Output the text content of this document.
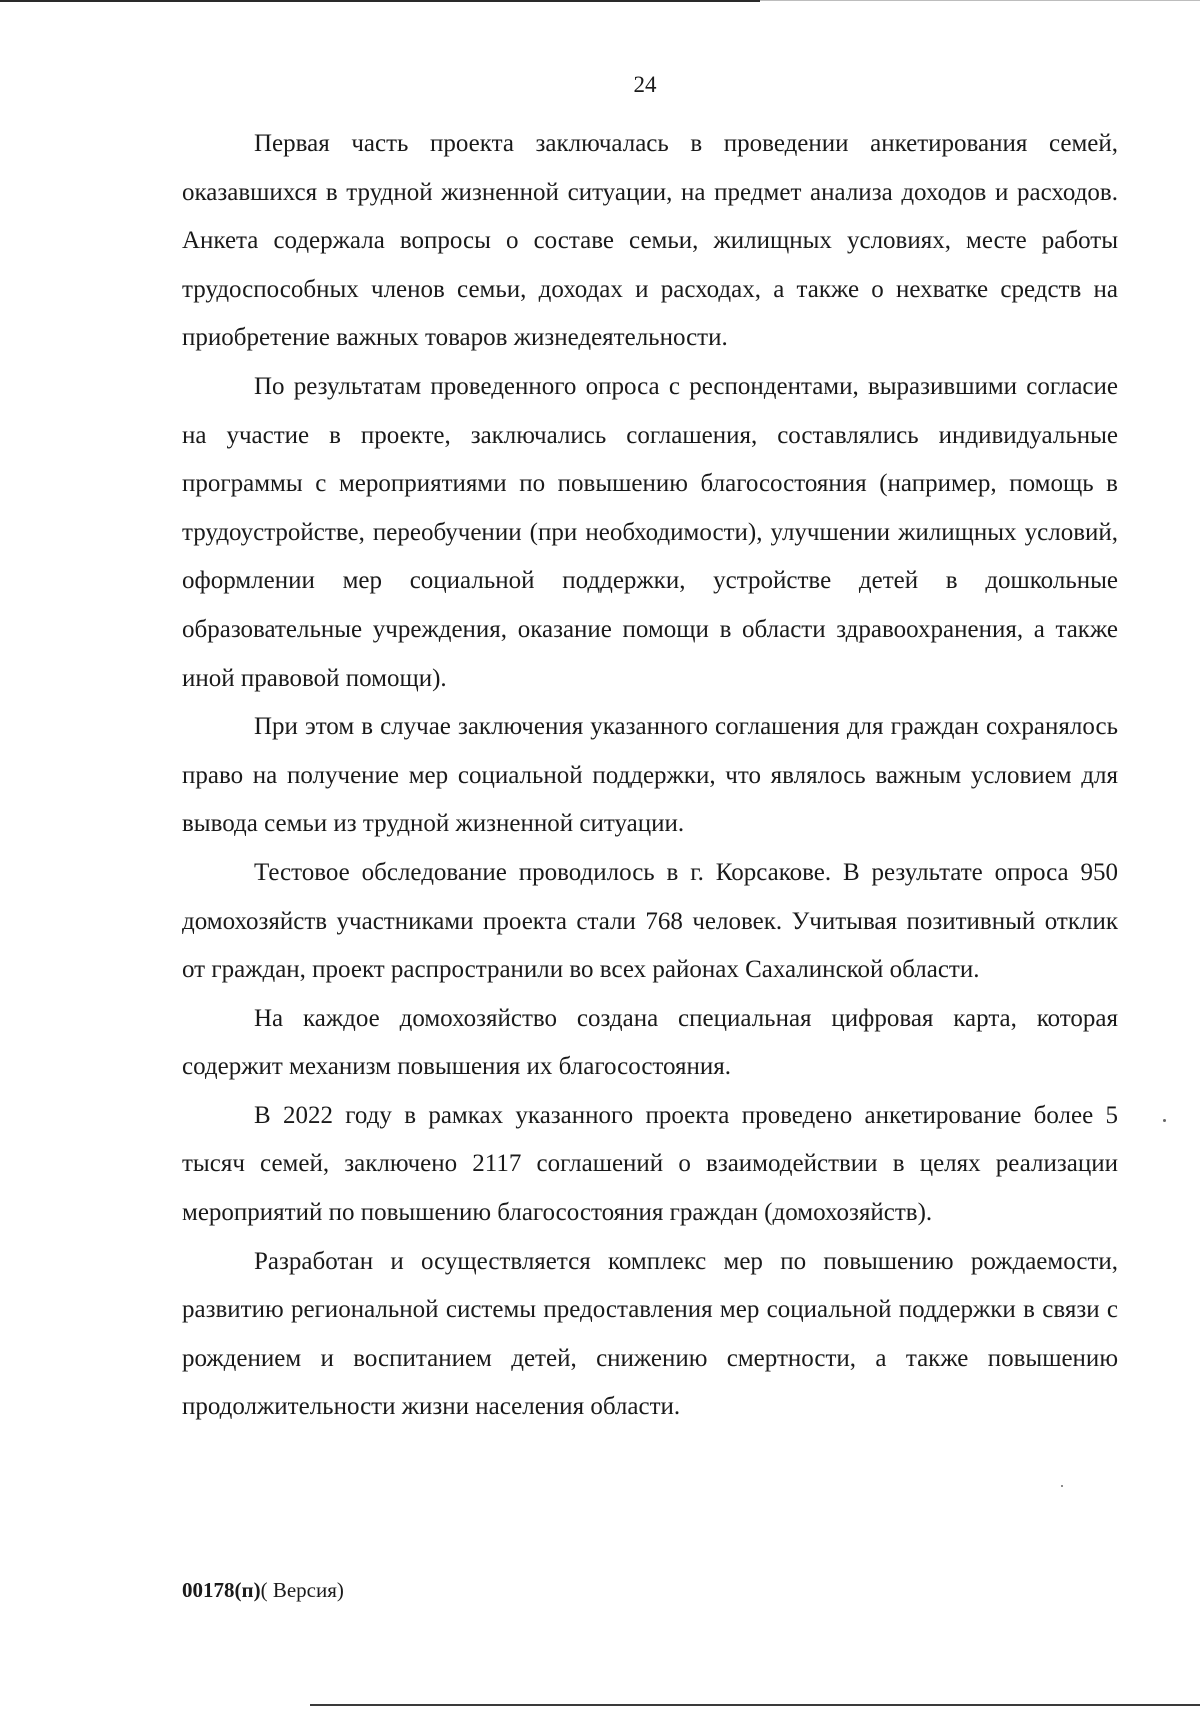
24

Первая часть проекта заключалась в проведении анкетирования семей, оказавшихся в трудной жизненной ситуации, на предмет анализа доходов и расходов. Анкета содержала вопросы о составе семьи, жилищных условиях, месте работы трудоспособных членов семьи, доходах и расходах, а также о нехватке средств на приобретение важных товаров жизнедеятельности.

По результатам проведенного опроса с респондентами, выразившими согласие на участие в проекте, заключались соглашения, составлялись индивидуальные программы с мероприятиями по повышению благосостояния (например, помощь в трудоустройстве, переобучении (при необходимости), улучшении жилищных условий, оформлении мер социальной поддержки, устройстве детей в дошкольные образовательные учреждения, оказание помощи в области здравоохранения, а также иной правовой помощи).

При этом в случае заключения указанного соглашения для граждан сохранялось право на получение мер социальной поддержки, что являлось важным условием для вывода семьи из трудной жизненной ситуации.

Тестовое обследование проводилось в г. Корсакове. В результате опроса 950 домохозяйств участниками проекта стали 768 человек. Учитывая позитивный отклик от граждан, проект распространили во всех районах Сахалинской области.

На каждое домохозяйство создана специальная цифровая карта, которая содержит механизм повышения их благосостояния.

В 2022 году в рамках указанного проекта проведено анкетирование более 5 тысяч семей, заключено 2117 соглашений о взаимодействии в целях реализации мероприятий по повышению благосостояния граждан (домохозяйств).

Разработан и осуществляется комплекс мер по повышению рождаемости, развитию региональной системы предоставления мер социальной поддержки в связи с рождением и воспитанием детей, снижению смертности, а также повышению продолжительности жизни населения области.

00178(п)( Версия)
